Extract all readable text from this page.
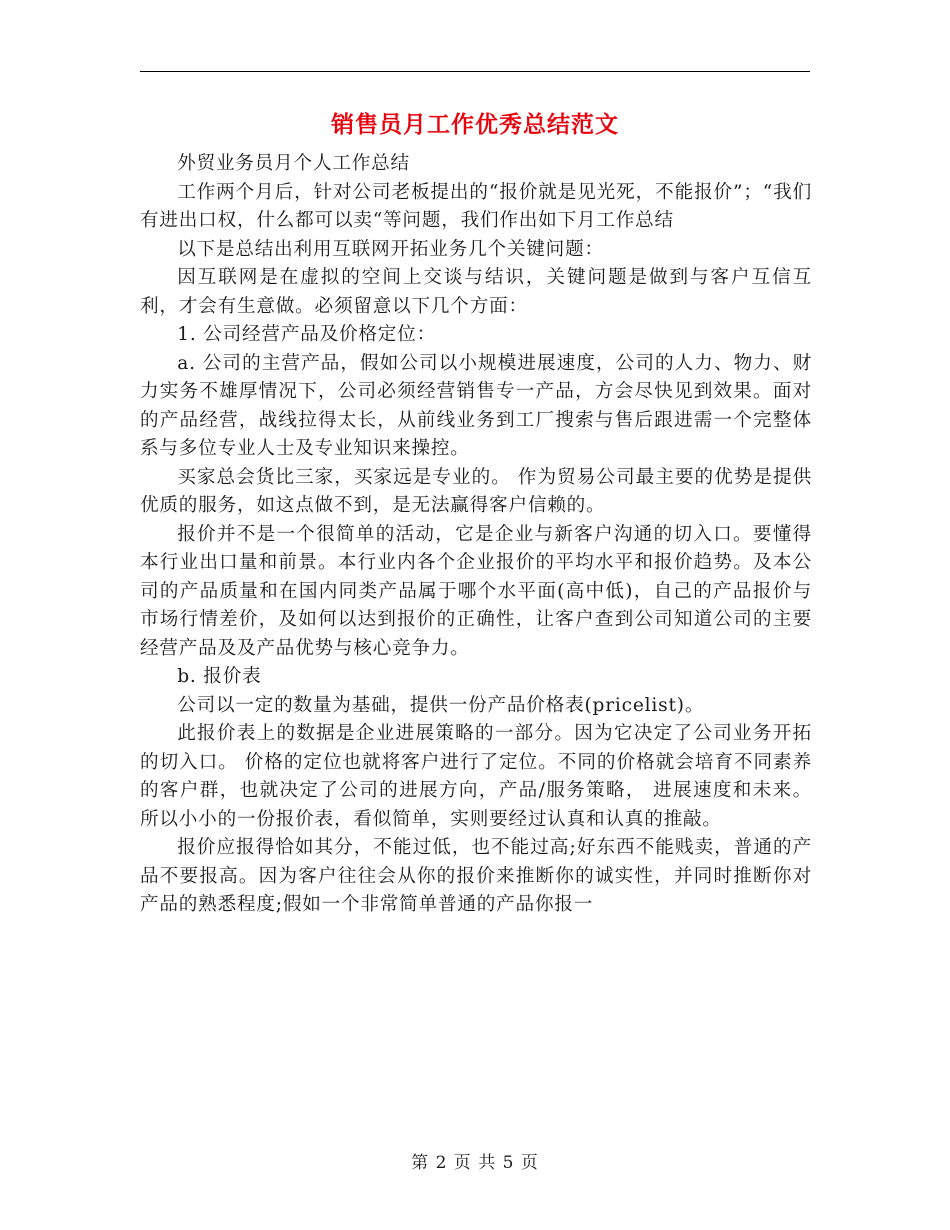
销售员月工作优秀总结范文

外贸业务员月个人工作总结

工作两个月后，针对公司老板提出的“报价就是见光死，不能报价”；“我们有进出口权，什么都可以卖“等问题，我们作出如下月工作总结

以下是总结出利用互联网开拓业务几个关键问题：

因互联网是在虚拟的空间上交谈与结识，关键问题是做到与客户互信互利，才会有生意做。必须留意以下几个方面：

1. 公司经营产品及价格定位：

a. 公司的主营产品，假如公司以小规模进展速度，公司的人力、物力、财力实务不雄厚情况下，公司必须经营销售专一产品，方会尽快见到效果。面对的产品经营，战线拉得太长，从前线业务到工厂搜索与售后跟进需一个完整体系与多位专业人士及专业知识来操控。

买家总会货比三家，买家远是专业的。 作为贸易公司最主要的优势是提供优质的服务，如这点做不到，是无法赢得客户信赖的。

报价并不是一个很简单的活动，它是企业与新客户沟通的切入口。要懂得本行业出口量和前景。本行业内各个企业报价的平均水平和报价趋势。及本公司的产品质量和在国内同类产品属于哪个水平面(高中低)，自己的产品报价与市场行情差价，及如何以达到报价的正确性，让客户查到公司知道公司的主要经营产品及及产品优势与核心竞争力。

b. 报价表

公司以一定的数量为基础，提供一份产品价格表(pricelist)。

此报价表上的数据是企业进展策略的一部分。因为它决定了公司业务开拓的切入口。 价格的定位也就将客户进行了定位。不同的价格就会培育不同素养的客户群，也就决定了公司的进展方向，产品/服务策略， 进展速度和未来。所以小小的一份报价表，看似简单，实则要经过认真和认真的推敲。

报价应报得恰如其分，不能过低，也不能过高;好东西不能贱卖，普通的产品不要报高。因为客户往往会从你的报价来推断你的诚实性，并同时推断你对产品的熟悉程度;假如一个非常简单普通的产品你报一

第 2 页 共 5 页
